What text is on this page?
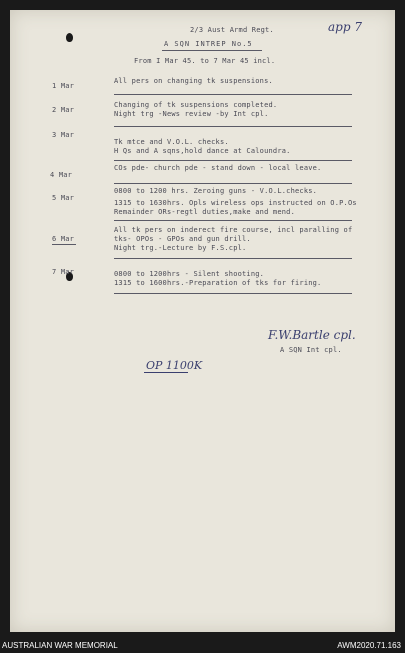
2/3 Aust Armd Regt.	app 7
A SQN INTREP No.5
From I Mar 45. to 7 Mar 45 incl.
1 Mar
All pers on changing tk suspensions.
2 Mar
Changing of tk suspensions completed.
Night trg -News review -by Int cpl.
3 Mar
Tk mtce and V.O.L. checks.
H Qs and A sqns,hold dance at Caloundra.
4 Mar
COs pde- church pde - stand down - local leave.
5 Mar
0800 to 1200 hrs. Zeroing guns - V.O.L.checks.
1315 to 1630hrs. Opls wireless ops instructed on O.P.Os
Remainder ORs-regtl duties,make and mend.
6 Mar
All tk pers on inderect fire course, incl paralling of
tks- OPOs - GPOs and gun drill.
Night trg.-Lecture by F.S.cpl.
7 Mar	0800 to 1200hrs - Silent shooting.
1315 to 1600hrs.-Preparation of tks for firing.
F.W.Bartle cpl.
A SQN Int cpl.
OP 1100K
AUSTRALIAN WAR MEMORIAL	AWM2020.71.163
